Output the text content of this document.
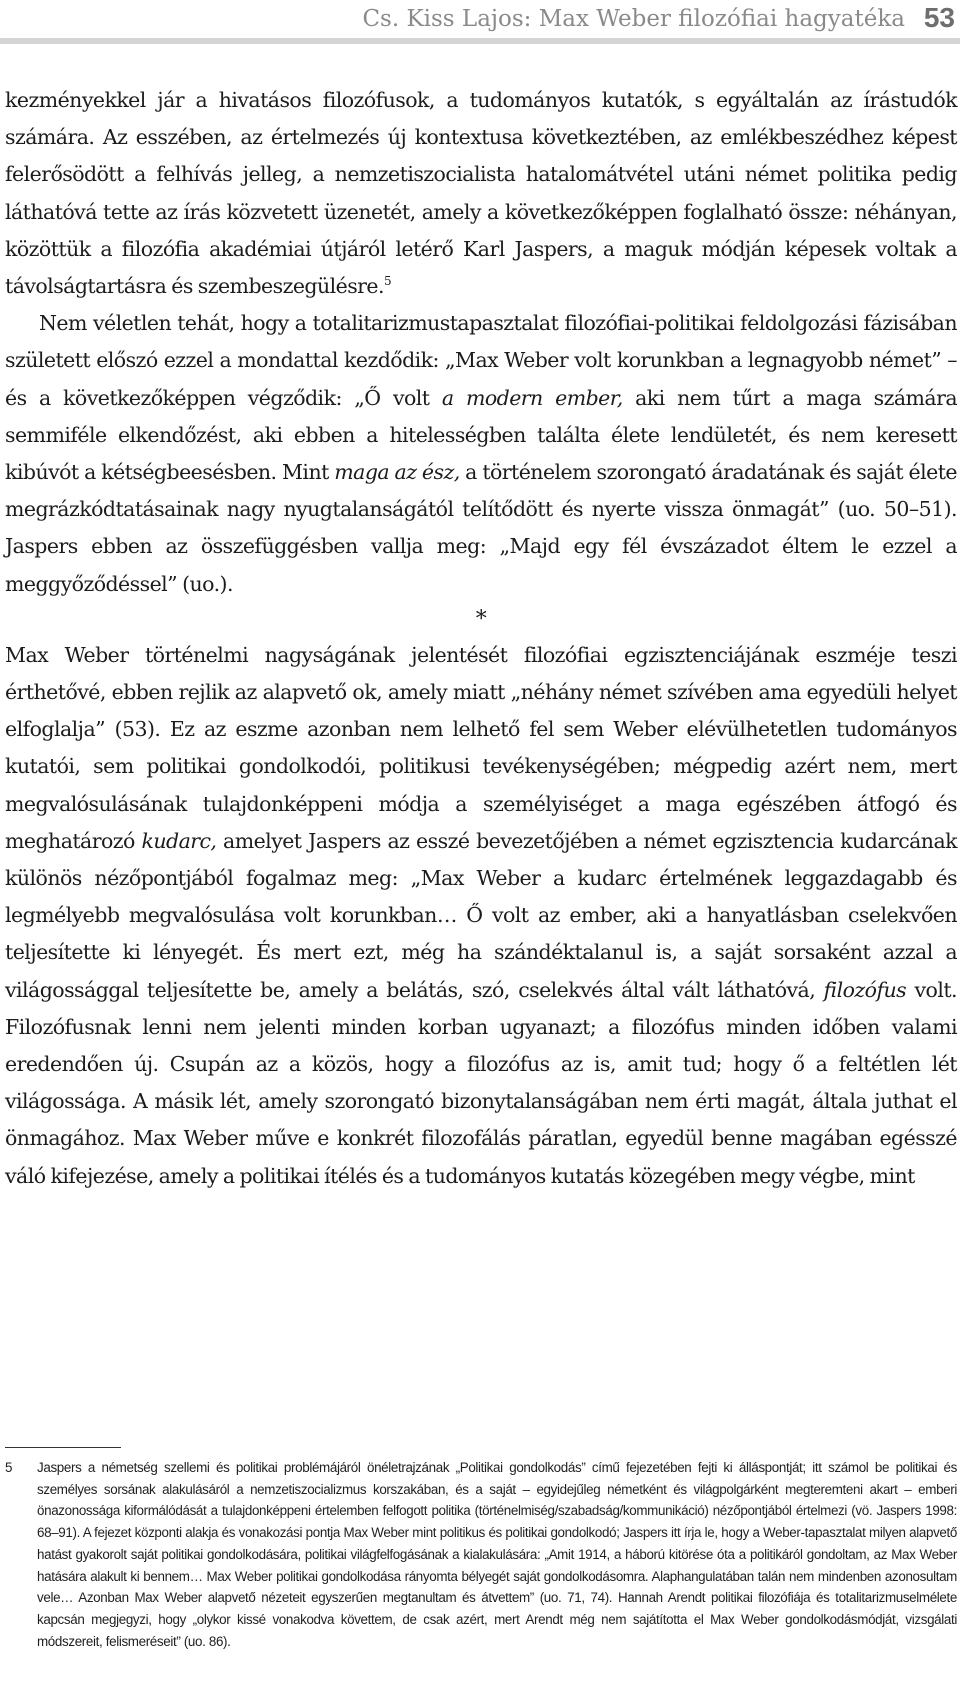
Cs. Kiss Lajos: Max Weber filozófiai hagyatéka 53

kezményekkel jár a hivatásos filozófusok, a tudományos kutatók, s egyáltalán az írástudók számára. Az esszében, az értelmezés új kontextusa következtében, az emlékbeszédhez képest felerősödött a felhívás jelleg, a nemzetiszocialista hatalomátvétel utáni német politika pedig láthatóvá tette az írás közvetett üzenetét, amely a következőképpen foglalható össze: néhányan, közöttük a filozófia akadémiai útjáról letérő Karl Jaspers, a maguk módján képesek voltak a távolságtartásra és szembeszegülésre.$^5$

Nem véletlen tehát, hogy a totalitarizmustapasztalat filozófiai-politikai feldolgozási fázisában született előszó ezzel a mondattal kezdődik: „Max Weber volt korunkban a legnagyobb német” – és a következőképpen végződik: „Ő volt a modern ember, aki nem tűrt a maga számára semmiféle elkendőzést, aki ebben a hitelességben találta élete lendületét, és nem keresett kibúvót a kétségbeesésben. Mint maga az ész, a történelem szorongató áradatának és saját élete megrázkódtatásainak nagy nyugtalanságától telítődött és nyerte vissza önmagát” (uo. 50–51). Jaspers ebben az összefüggésben vallja meg: „Majd egy fél évszázadot éltem le ezzel a meggyőződéssel” (uo.).

*

Max Weber történelmi nagyságának jelentését filozófiai egzisztenciájának eszméje teszi érthetővé, ebben rejlik az alapvető ok, amely miatt „néhány német szívében ama egyedüli helyet elfoglalja” (53). Ez az eszme azonban nem lelhető fel sem Weber elévülhetetlen tudományos kutatói, sem politikai gondolkodói, politikusi tevékenységében; mégpedig azért nem, mert megvalósulásának tulajdonképpeni módja a személyiséget a maga egészében átfogó és meghatározó kudarc, amelyet Jaspers az esszé bevezetőjében a német egzisztencia kudarcának különös nézőpontjából fogalmaz meg: „Max Weber a kudarc értelmének leggazdagabb és legmélyebb megvalósulása volt korunkban… Ő volt az ember, aki a hanyatlásban cselekvően teljesítette ki lényegét. És mert ezt, még ha szándéktalanul is, a saját sorsaként azzal a világossággal teljesítette be, amely a belátás, szó, cselekvés által vált láthatóvá, filozófus volt. Filozófusnak lenni nem jelenti minden korban ugyanazt; a filozófus minden időben valami eredendően új. Csupán az a közös, hogy a filozófus az is, amit tud; hogy ő a feltétlen lét világossága. A másik lét, amely szorongató bizonytalanságában nem érti magát, általa juthat el önmagához. Max Weber műve e konkrét filozofálás páratlan, egyedül benne magában egésszé váló kifejezése, amely a politikai ítélés és a tudományos kutatás közegében megy végbe, mint

5 Jaspers a németség szellemi és politikai problémájáról önéletrajzának „Politikai gondolkodás” című fejezetében fejti ki álláspontját; itt számol be politikai és személyes sorsának alakulásáról a nemzetiszocializmus korszakában, és a saját – egyidejűleg németként és világpolgárként megteremteni akart – emberi önazonossága kiformálódását a tulajdonképpeni értelemben felfogott politika (történelmiség/szabadság/kommunikáció) nézőpontjából értelmezi (vö. Jaspers 1998: 68–91). A fejezet központi alakja és vonakozási pontja Max Weber mint politikus és politikai gondolkodó; Jaspers itt írja le, hogy a Weber-tapasztalat milyen alapvető hatást gyakorolt saját politikai gondolkodására, politikai világfelfogásának a kialakulására: „Amit 1914, a háború kitörése óta a politikáról gondoltam, az Max Weber hatására alakult ki bennem… Max Weber politikai gondolkodása rányomta bélyegét saját gondolkodásomra. Alaphangulatában talán nem mindenben azonosultam vele… Azonban Max Weber alapvető nézeteit egyszerűen megtanultam és átvettem” (uo. 71, 74). Hannah Arendt politikai filozófiája és totalitarizmuselmélete kapcsán megjegyzi, hogy „olykor kissé vonakodva követtem, de csak azért, mert Arendt még nem sajátította el Max Weber gondolkodásmódját, vizsgálati módszereit, felismeréseit” (uo. 86).
